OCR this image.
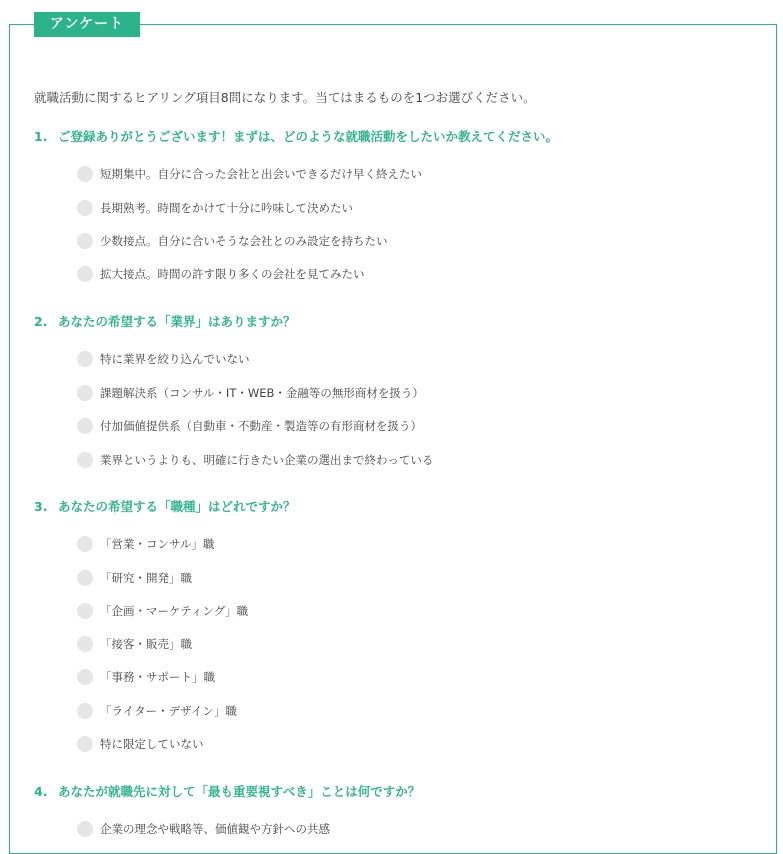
アンケート
就職活動に関するヒアリング項目8問になります。当てはまるものを1つお選びください。
1. ご登録ありがとうございます！まずは、どのような就職活動をしたいか教えてください。
短期集中。自分に合った会社と出会いできるだけ早く終えたい
長期熟考。時間をかけて十分に吟味して決めたい
少数接点。自分に合いそうな会社とのみ設定を持ちたい
拡大接点。時間の許す限り多くの会社を見てみたい
2. あなたの希望する「業界」はありますか？
特に業界を絞り込んでいない
課題解決系（コンサル・IT・WEB・金融等の無形商材を扱う）
付加価値提供系（自動車・不動産・製造等の有形商材を扱う）
業界というよりも、明確に行きたい企業の選出まで終わっている
3. あなたの希望する「職種」はどれですか？
「営業・コンサル」職
「研究・開発」職
「企画・マーケティング」職
「接客・販売」職
「事務・サポート」職
「ライター・デザイン」職
特に限定していない
4. あなたが就職先に対して「最も重要視すべき」ことは何ですか？
企業の理念や戦略等、価値観や方針への共感
